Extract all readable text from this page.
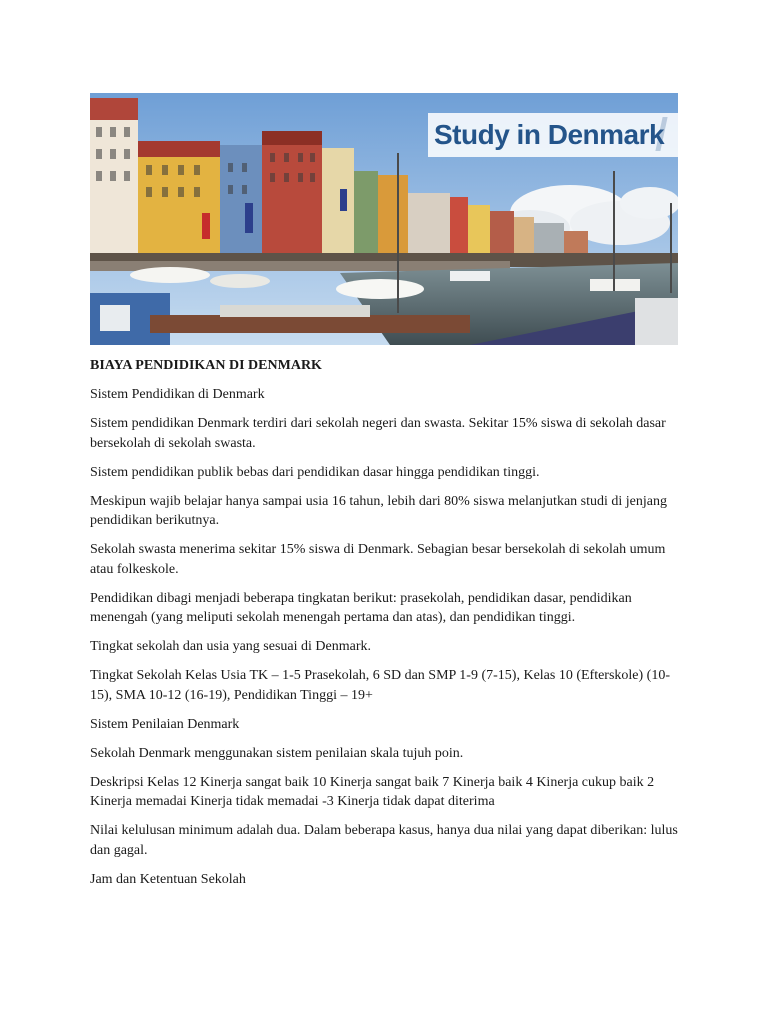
Study in Denmark

BIAYA PENDIDIKAN DI DENMARK

Sistem Pendidikan di Denmark

Sistem pendidikan Denmark terdiri dari sekolah negeri dan swasta. Sekitar 15% siswa di sekolah dasar bersekolah di sekolah swasta.

Sistem pendidikan publik bebas dari pendidikan dasar hingga pendidikan tinggi.

Meskipun wajib belajar hanya sampai usia 16 tahun, lebih dari 80% siswa melanjutkan studi di jenjang pendidikan berikutnya.

Sekolah swasta menerima sekitar 15% siswa di Denmark. Sebagian besar bersekolah di sekolah umum atau folkeskole.

Pendidikan dibagi menjadi beberapa tingkatan berikut: prasekolah, pendidikan dasar, pendidikan menengah (yang meliputi sekolah menengah pertama dan atas), dan pendidikan tinggi.

Tingkat sekolah dan usia yang sesuai di Denmark.

Tingkat Sekolah Kelas Usia TK – 1-5 Prasekolah, 6 SD dan SMP 1-9 (7-15), Kelas 10 (Efterskole) (10-15), SMA 10-12 (16-19), Pendidikan Tinggi – 19+

Sistem Penilaian Denmark

Sekolah Denmark menggunakan sistem penilaian skala tujuh poin.

Deskripsi Kelas 12 Kinerja sangat baik 10 Kinerja sangat baik 7 Kinerja baik 4 Kinerja cukup baik 2 Kinerja memadai Kinerja tidak memadai -3 Kinerja tidak dapat diterima

Nilai kelulusan minimum adalah dua. Dalam beberapa kasus, hanya dua nilai yang dapat diberikan: lulus dan gagal.

Jam dan Ketentuan Sekolah
